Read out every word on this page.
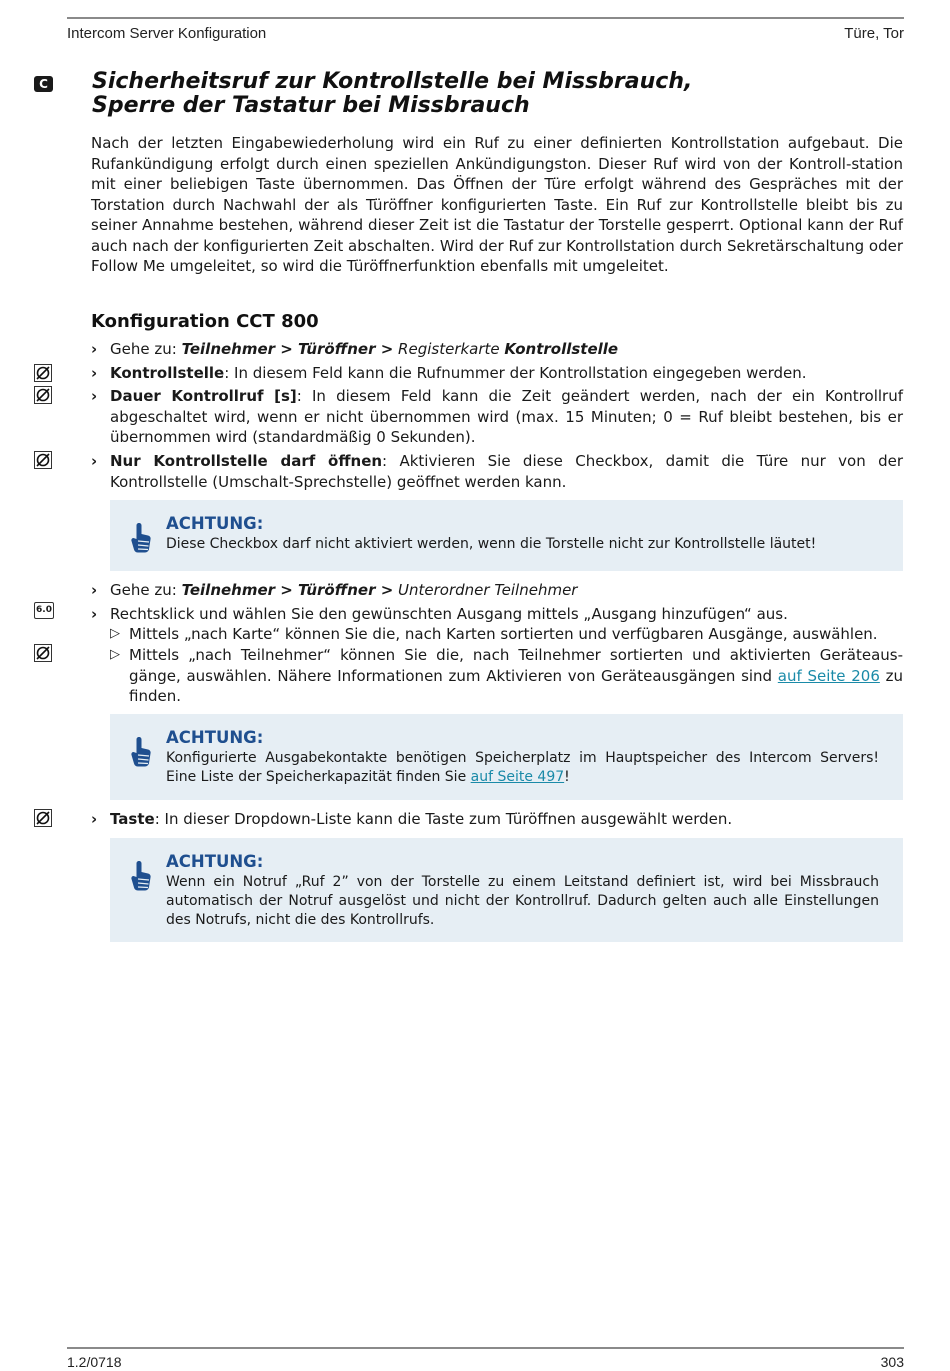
Intercom Server Konfiguration	Türe, Tor
C
6.0
Sicherheitsruf zur Kontrollstelle bei Missbrauch,
Sperre der Tastatur bei Missbrauch

Nach der letzten Eingabewiederholung wird ein Ruf zu einer definierten Kontrollstation aufgebaut. Die Rufankündigung erfolgt durch einen speziellen Ankündigungston. Dieser Ruf wird von der Kontroll-station mit einer beliebigen Taste übernommen. Das Öffnen der Türe erfolgt während des Gespräches mit der Torstation durch Nachwahl der als Türöffner konfigurierten Taste. Ein Ruf zur Kontrollstelle bleibt bis zu seiner Annahme bestehen, während dieser Zeit ist die Tastatur der Torstelle gesperrt. Optional kann der Ruf auch nach der konfigurierten Zeit abschalten. Wird der Ruf zur Kontrollstation durch Sekretärschaltung oder Follow Me umgeleitet, so wird die Türöffnerfunktion ebenfalls mit umgeleitet.

Konfiguration CCT 800
› Gehe zu: Teilnehmer > Türöffner > Registerkarte Kontrollstelle
› Kontrollstelle: In diesem Feld kann die Rufnummer der Kontrollstation eingegeben werden.
› Dauer Kontrollruf [s]: In diesem Feld kann die Zeit geändert werden, nach der ein Kontrollruf abgeschaltet wird, wenn er nicht übernommen wird (max. 15 Minuten; 0 = Ruf bleibt bestehen, bis er übernommen wird (standardmäßig 0 Sekunden).
› Nur Kontrollstelle darf öffnen: Aktivieren Sie diese Checkbox, damit die Türe nur von der Kontrollstelle (Umschalt-Sprechstelle) geöffnet werden kann.

ACHTUNG:

Diese Checkbox darf nicht aktiviert werden, wenn die Torstelle nicht zur Kontrollstelle läutet!

› Gehe zu: Teilnehmer > Türöffner > Unterordner Teilnehmer
› Rechtsklick und wählen Sie den gewünschten Ausgang mittels „Ausgang hinzufügen“ aus.
▷ Mittels „nach Karte“ können Sie die, nach Karten sortierten und verfügbaren Ausgänge, auswählen.
▷ Mittels „nach Teilnehmer“ können Sie die, nach Teilnehmer sortierten und aktivierten Geräteaus-gänge, auswählen. Nähere Informationen zum Aktivieren von Geräteausgängen sind auf Seite 206 zu finden.

ACHTUNG:

Konfigurierte Ausgabekontakte benötigen Speicherplatz im Hauptspeicher des Intercom Servers! Eine Liste der Speicherkapazität finden Sie auf Seite 497!

› Taste: In dieser Dropdown-Liste kann die Taste zum Türöffnen ausgewählt werden.

ACHTUNG:

Wenn ein Notruf „Ruf 2” von der Torstelle zu einem Leitstand definiert ist, wird bei Missbrauch automatisch der Notruf ausgelöst und nicht der Kontrollruf. Dadurch gelten auch alle Einstellungen des Notrufs, nicht die des Kontrollrufs.

1.2/0718	303
